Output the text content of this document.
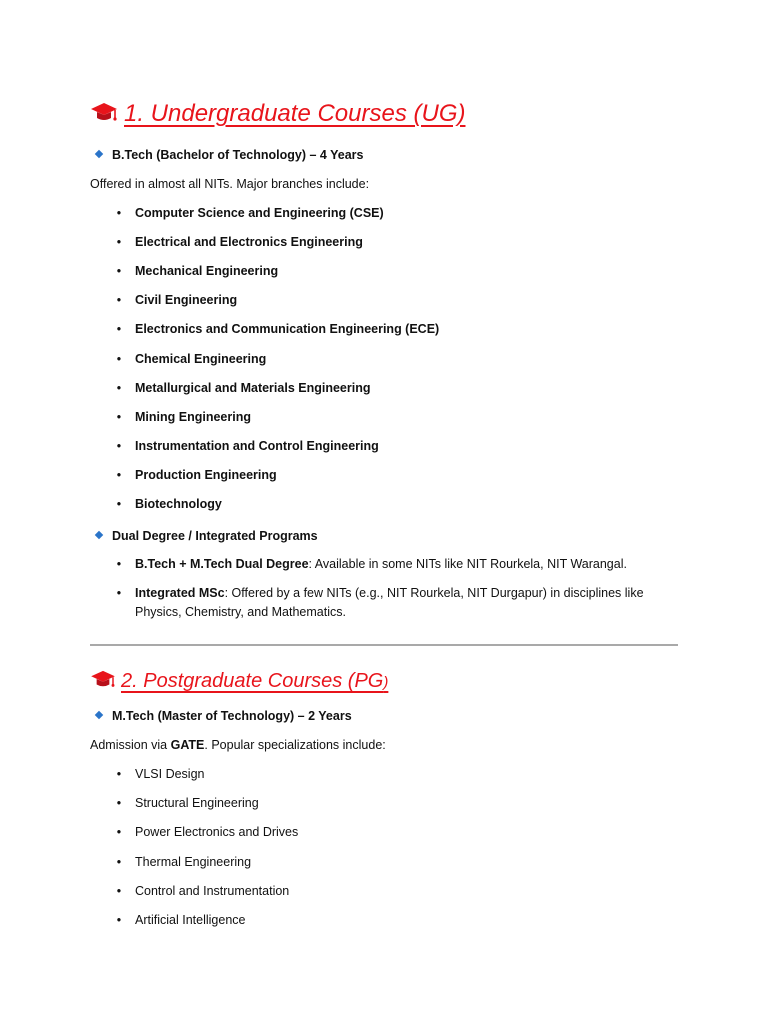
1. Undergraduate Courses (UG)
B.Tech (Bachelor of Technology) – 4 Years
Offered in almost all NITs. Major branches include:
• Computer Science and Engineering (CSE)
• Electrical and Electronics Engineering
• Mechanical Engineering
• Civil Engineering
• Electronics and Communication Engineering (ECE)
• Chemical Engineering
• Metallurgical and Materials Engineering
• Mining Engineering
• Instrumentation and Control Engineering
• Production Engineering
• Biotechnology
Dual Degree / Integrated Programs
• B.Tech + M.Tech Dual Degree: Available in some NITs like NIT Rourkela, NIT Warangal.
• Integrated MSc: Offered by a few NITs (e.g., NIT Rourkela, NIT Durgapur) in disciplines like Physics, Chemistry, and Mathematics.
2. Postgraduate Courses (PG)
M.Tech (Master of Technology) – 2 Years
Admission via GATE. Popular specializations include:
• VLSI Design
• Structural Engineering
• Power Electronics and Drives
• Thermal Engineering
• Control and Instrumentation
• Artificial Intelligence
